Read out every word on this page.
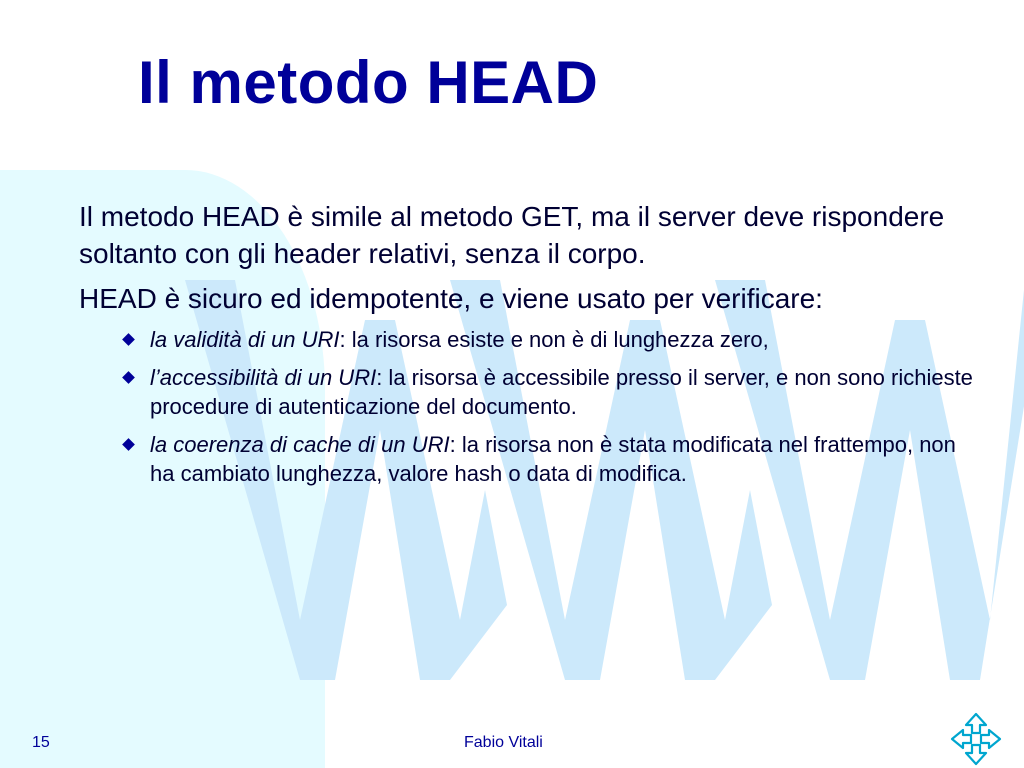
Il metodo HEAD

Il metodo HEAD è simile al metodo GET, ma il server deve rispondere soltanto con gli header relativi, senza il corpo.

HEAD è sicuro ed idempotente, e viene usato per verificare:

la validità di un URI: la risorsa esiste e non è di lunghezza zero,
l’accessibilità di un URI: la risorsa è accessibile presso il server, e non sono richieste procedure di autenticazione del documento.
la coerenza di cache di un URI: la risorsa non è stata modificata nel frattempo, non ha cambiato lunghezza, valore hash o data di modifica.
15	Fabio Vitali
